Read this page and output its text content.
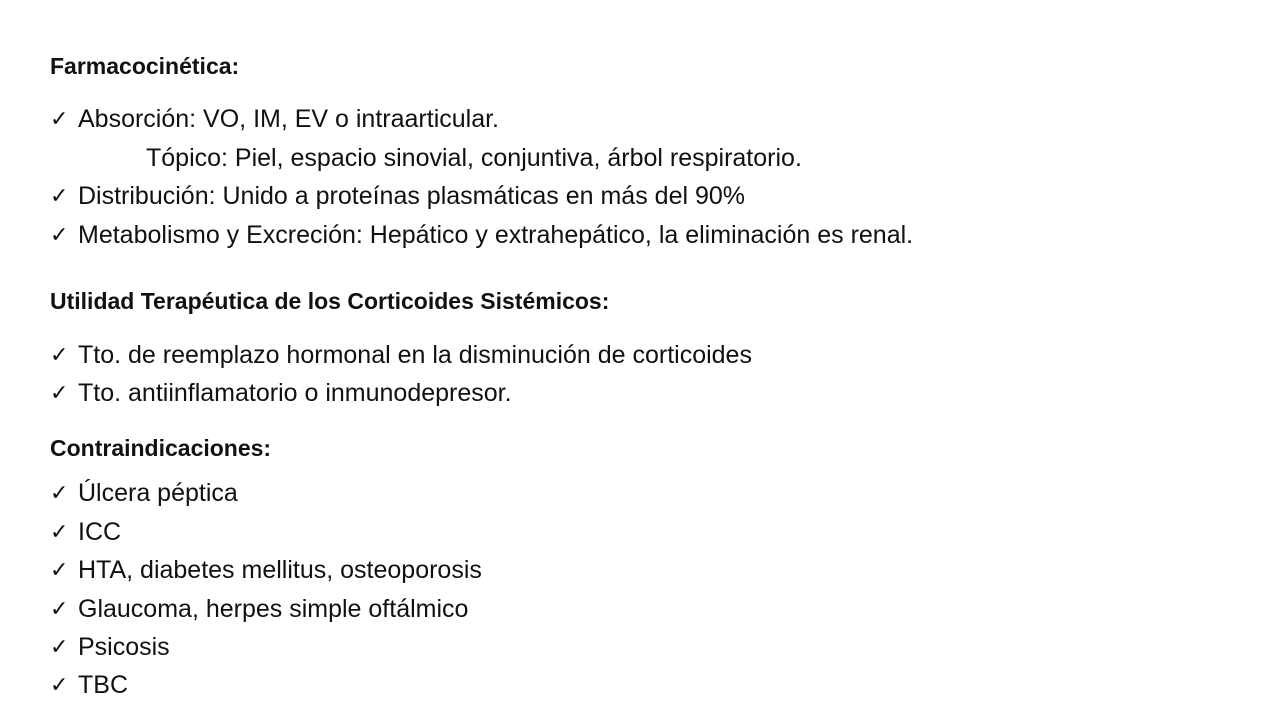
Farmacocinética:
✓ Absorción: VO, IM, EV o intraarticular.
Tópico: Piel, espacio sinovial, conjuntiva, árbol respiratorio.
✓ Distribución: Unido a proteínas plasmáticas en más del 90%
✓ Metabolismo y Excreción: Hepático y extrahepático, la eliminación es renal.
Utilidad Terapéutica de los Corticoides Sistémicos:
✓ Tto. de reemplazo hormonal en la disminución de corticoides
✓ Tto. antiinflamatorio o inmunodepresor.
Contraindicaciones:
✓ Úlcera péptica
✓ ICC
✓ HTA, diabetes mellitus, osteoporosis
✓ Glaucoma, herpes simple oftálmico
✓ Psicosis
✓ TBC
